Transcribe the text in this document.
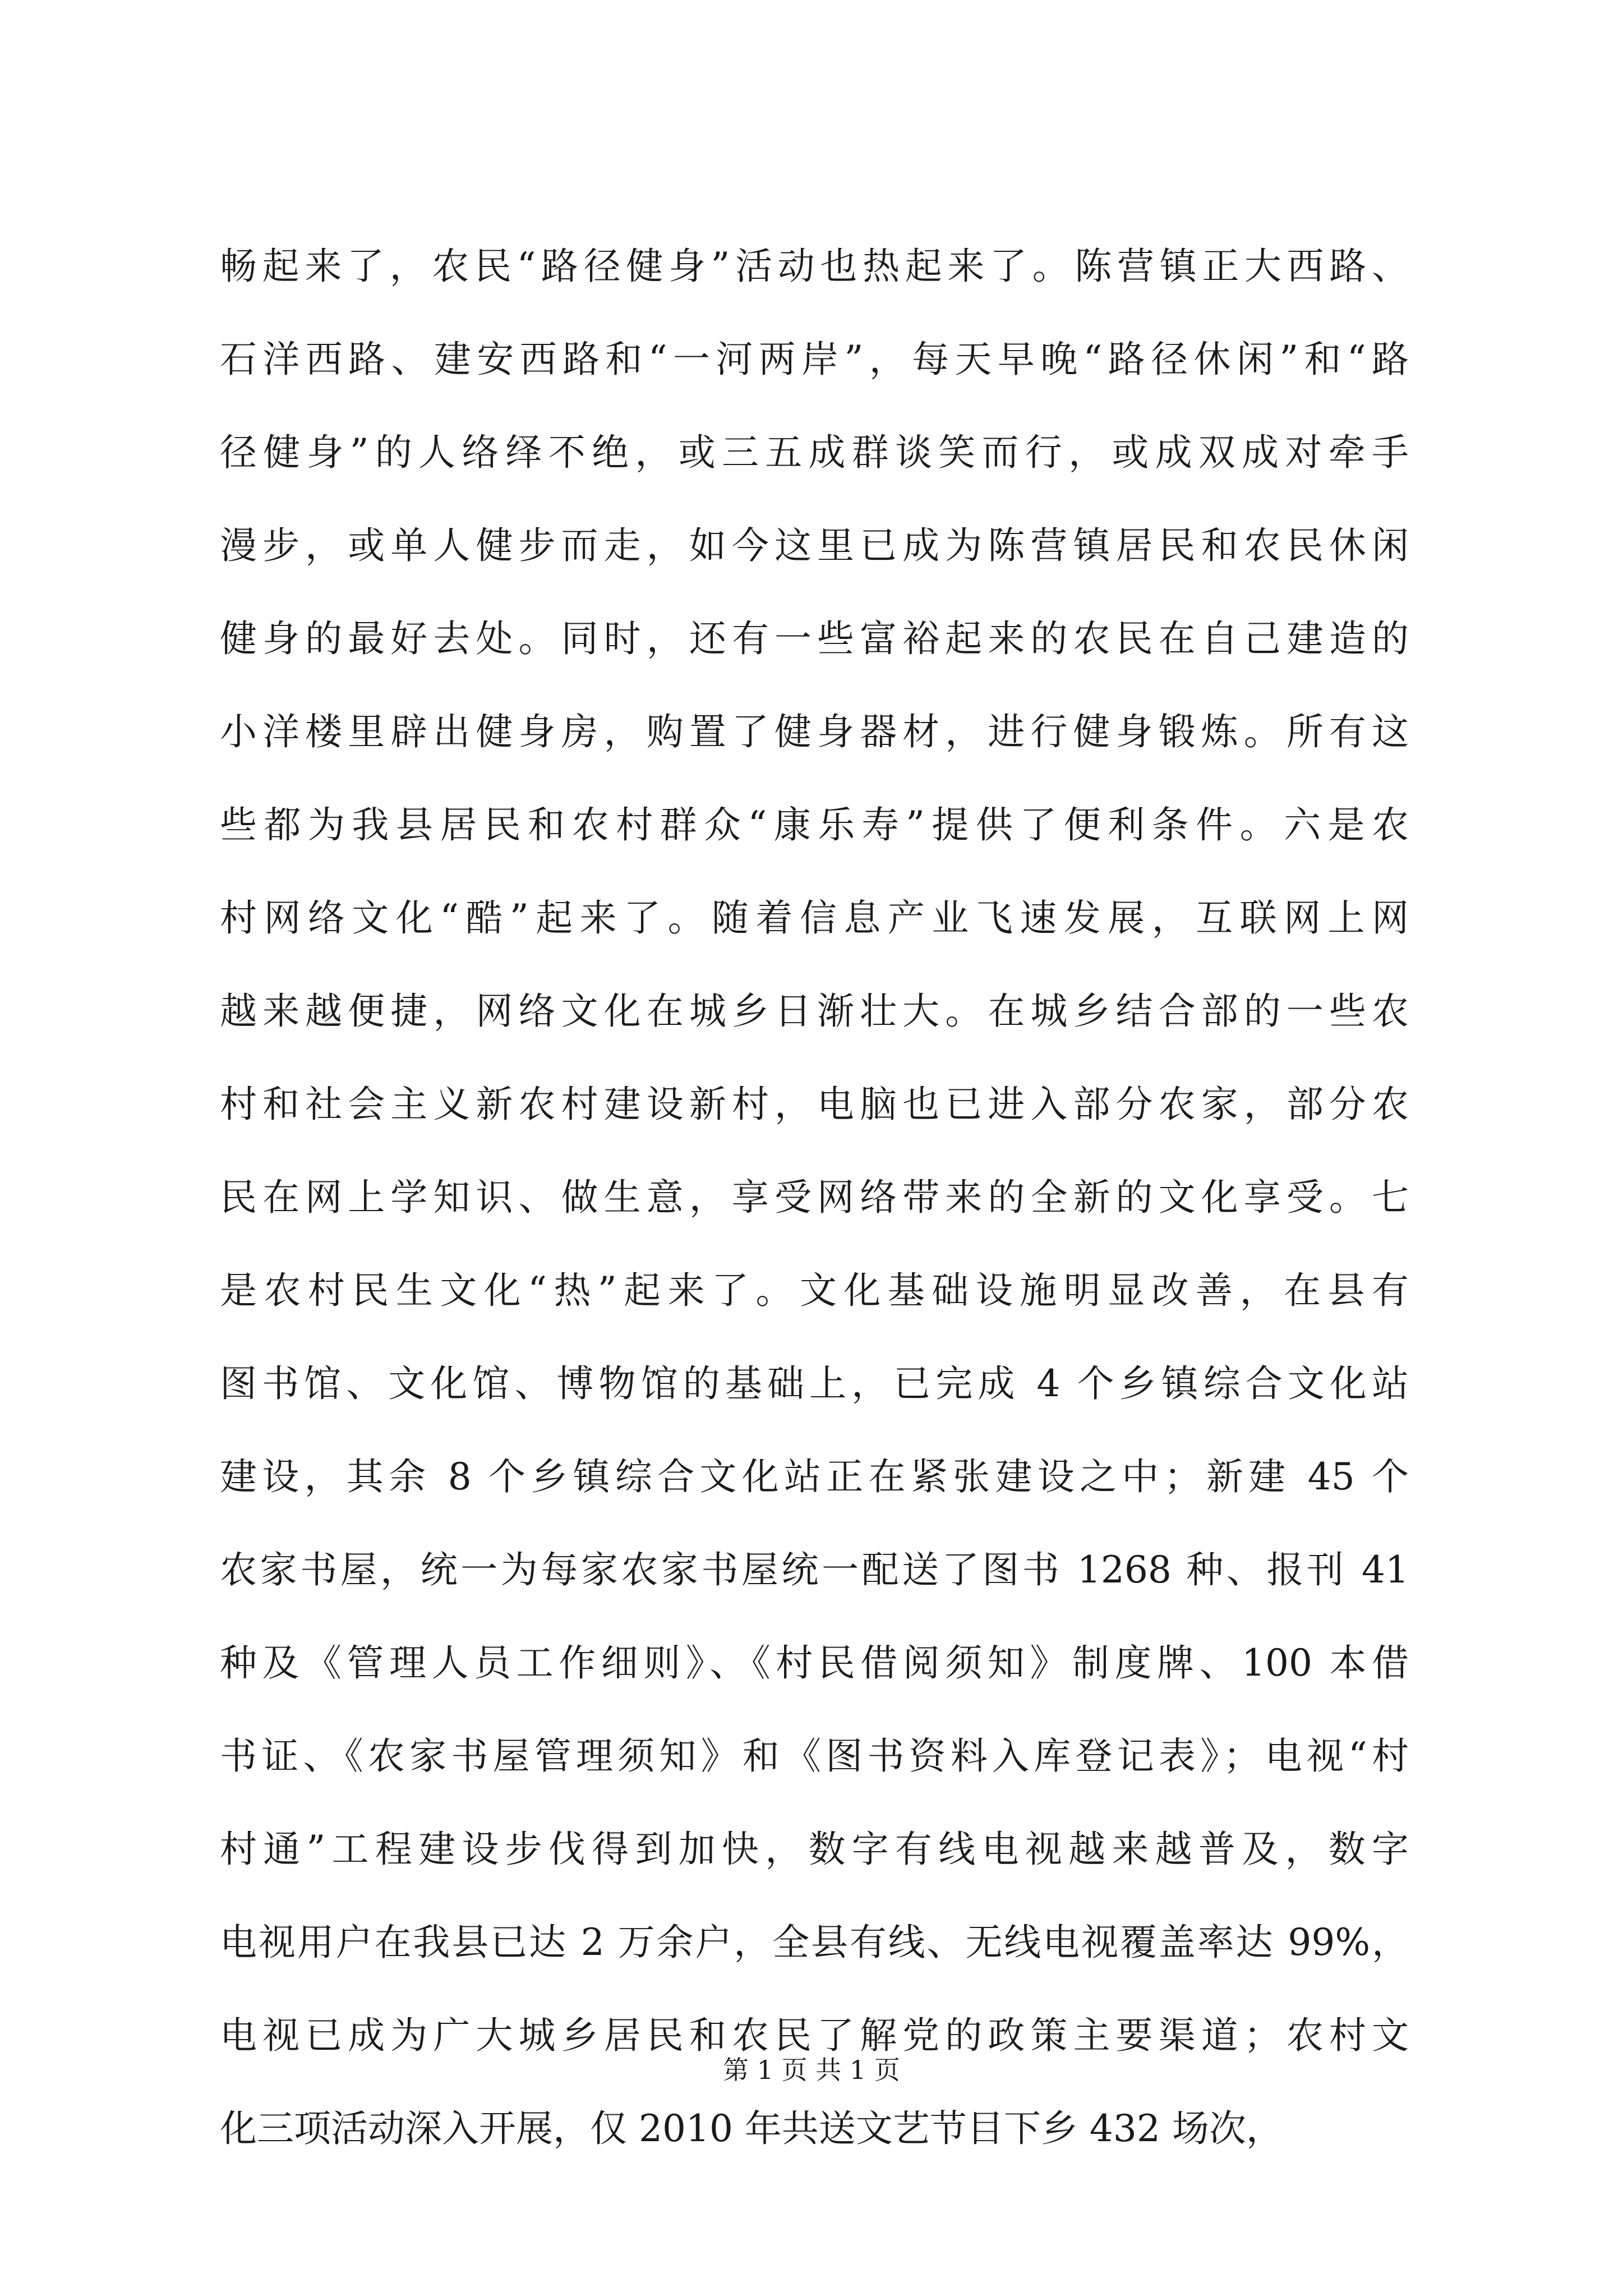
畅起来了，农民“路径健身”活动也热起来了。陈营镇正大西路、
石洋西路、建安西路和“一河两岸”，每天早晚“路径休闲”和“路
径健身”的人络绎不绝，或三五成群谈笑而行，或成双成对牵手
漫步，或单人健步而走，如今这里已成为陈营镇居民和农民休闲
健身的最好去处。同时，还有一些富裕起来的农民在自己建造的
小洋楼里辟出健身房，购置了健身器材，进行健身锻炼。所有这
些都为我县居民和农村群众“康乐寿”提供了便利条件。六是农
村网络文化“酷”起来了。随着信息产业飞速发展，互联网上网
越来越便捷，网络文化在城乡日渐壮大。在城乡结合部的一些农
村和社会主义新农村建设新村，电脑也已进入部分农家，部分农
民在网上学知识、做生意，享受网络带来的全新的文化享受。七
是农村民生文化“热”起来了。文化基础设施明显改善，在县有
图书馆、文化馆、博物馆的基础上，已完成 4 个乡镇综合文化站
建设，其余 8 个乡镇综合文化站正在紧张建设之中；新建 45 个
农家书屋，统一为每家农家书屋统一配送了图书 1268 种、报刊 41
种及《管理人员工作细则》、《村民借阅须知》制度牌、100 本借
书证、《农家书屋管理须知》和《图书资料入库登记表》；电视“村
村通”工程建设步伐得到加快，数字有线电视越来越普及，数字
电视用户在我县已达 2 万余户，全县有线、无线电视覆盖率达 99%，
电视已成为广大城乡居民和农民了解党的政策主要渠道；农村文
化三项活动深入开展，仅 2010 年共送文艺节目下乡 432 场次，
第 1 页 共 1 页
